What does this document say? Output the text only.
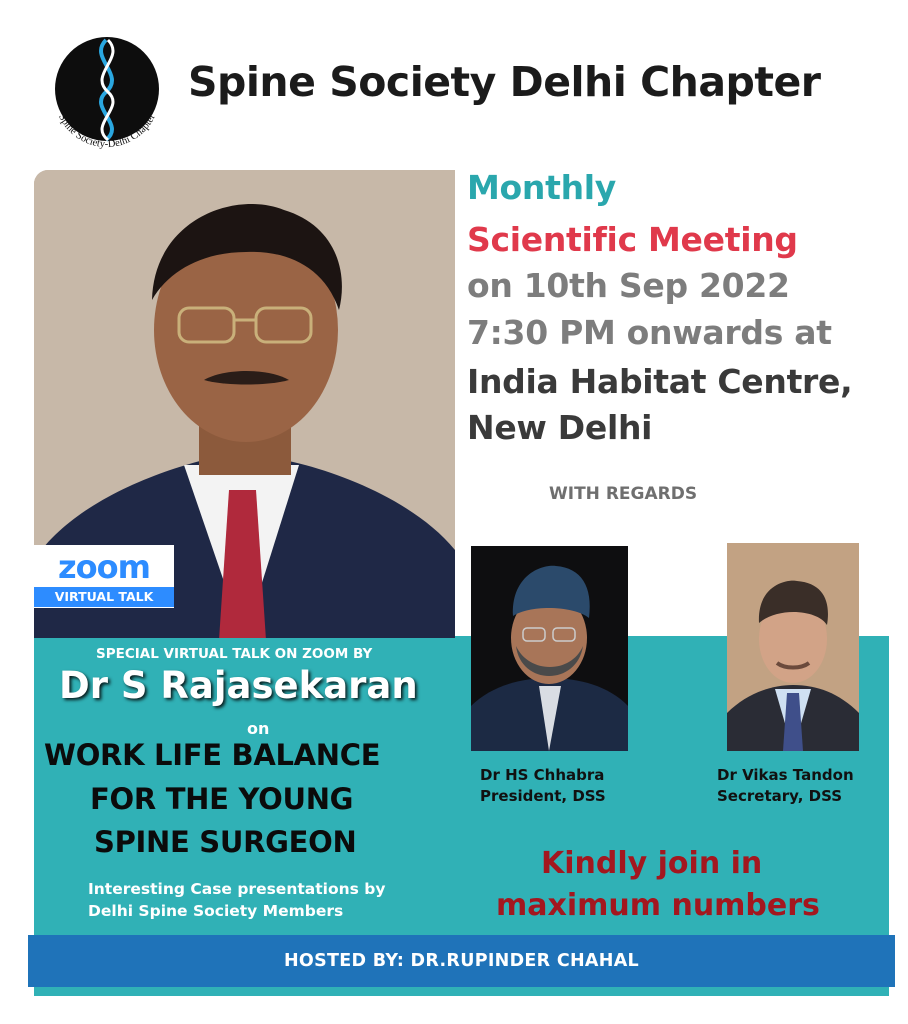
Spine Society-Delhi Chapter
Spine Society Delhi Chapter
zoom
VIRTUAL TALK
Monthly
Scientific Meeting
on 10th Sep 2022
7:30 PM onwards at
India Habitat Centre,
New Delhi
WITH REGARDS
Dr HS Chhabra
President, DSS
Dr Vikas Tandon
Secretary, DSS
Kindly join in
maximum numbers
SPECIAL VIRTUAL TALK ON ZOOM BY
Dr S Rajasekaran
on
WORK LIFE BALANCE
FOR THE YOUNG
SPINE SURGEON
Interesting Case presentations by
Delhi Spine Society Members
HOSTED BY: DR.RUPINDER CHAHAL
